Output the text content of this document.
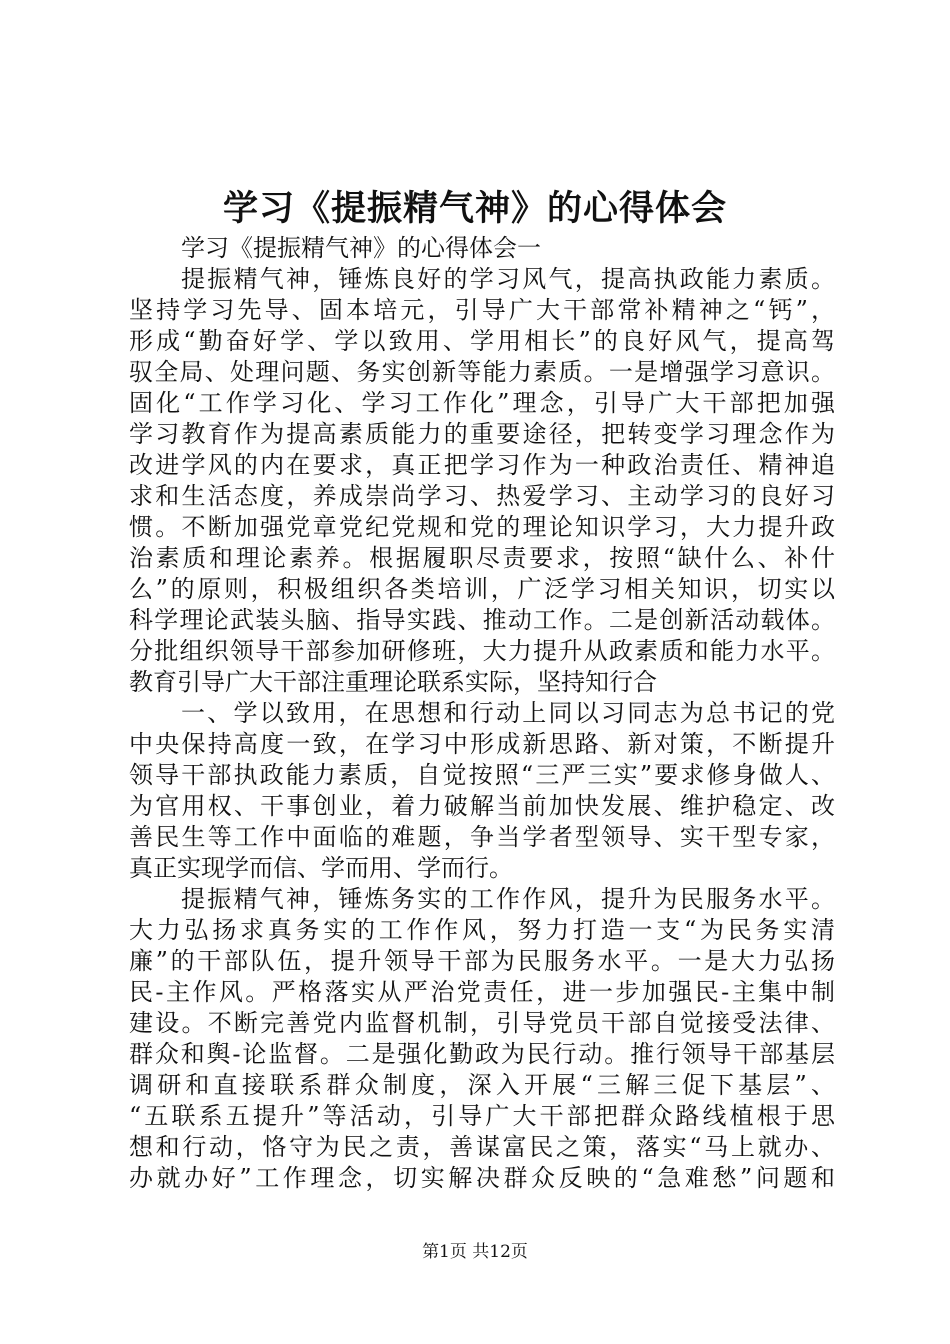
学习《提振精气神》的心得体会
学习《提振精气神》的心得体会一
提振精气神，锤炼良好的学习风气，提高执政能力素质。
坚持学习先导、固本培元，引导广大干部常补精神之“钙”，
形成“勤奋好学、学以致用、学用相长”的良好风气，提高驾
驭全局、处理问题、务实创新等能力素质。一是增强学习意识。
固化“工作学习化、学习工作化”理念，引导广大干部把加强
学习教育作为提高素质能力的重要途径，把转变学习理念作为
改进学风的内在要求，真正把学习作为一种政治责任、精神追
求和生活态度，养成崇尚学习、热爱学习、主动学习的良好习
惯。不断加强党章党纪党规和党的理论知识学习，大力提升政
治素质和理论素养。根据履职尽责要求，按照“缺什么、补什
么”的原则，积极组织各类培训，广泛学习相关知识，切实以
科学理论武装头脑、指导实践、推动工作。二是创新活动载体。
分批组织领导干部参加研修班，大力提升从政素质和能力水平。
教育引导广大干部注重理论联系实际，坚持知行合
一、学以致用，在思想和行动上同以习同志为总书记的党
中央保持高度一致，在学习中形成新思路、新对策，不断提升
领导干部执政能力素质，自觉按照“三严三实”要求修身做人、
为官用权、干事创业，着力破解当前加快发展、维护稳定、改
善民生等工作中面临的难题，争当学者型领导、实干型专家，
真正实现学而信、学而用、学而行。
提振精气神，锤炼务实的工作作风，提升为民服务水平。
大力弘扬求真务实的工作作风，努力打造一支“为民务实清
廉”的干部队伍，提升领导干部为民服务水平。一是大力弘扬
民-主作风。严格落实从严治党责任，进一步加强民-主集中制
建设。不断完善党内监督机制，引导党员干部自觉接受法律、
群众和舆-论监督。二是强化勤政为民行动。推行领导干部基层
调研和直接联系群众制度，深入开展“三解三促下基层”、
“五联系五提升”等活动，引导广大干部把群众路线植根于思
想和行动，恪守为民之责，善谋富民之策，落实“马上就办、
办就办好”工作理念，切实解决群众反映的“急难愁”问题和
第1页 共12页
